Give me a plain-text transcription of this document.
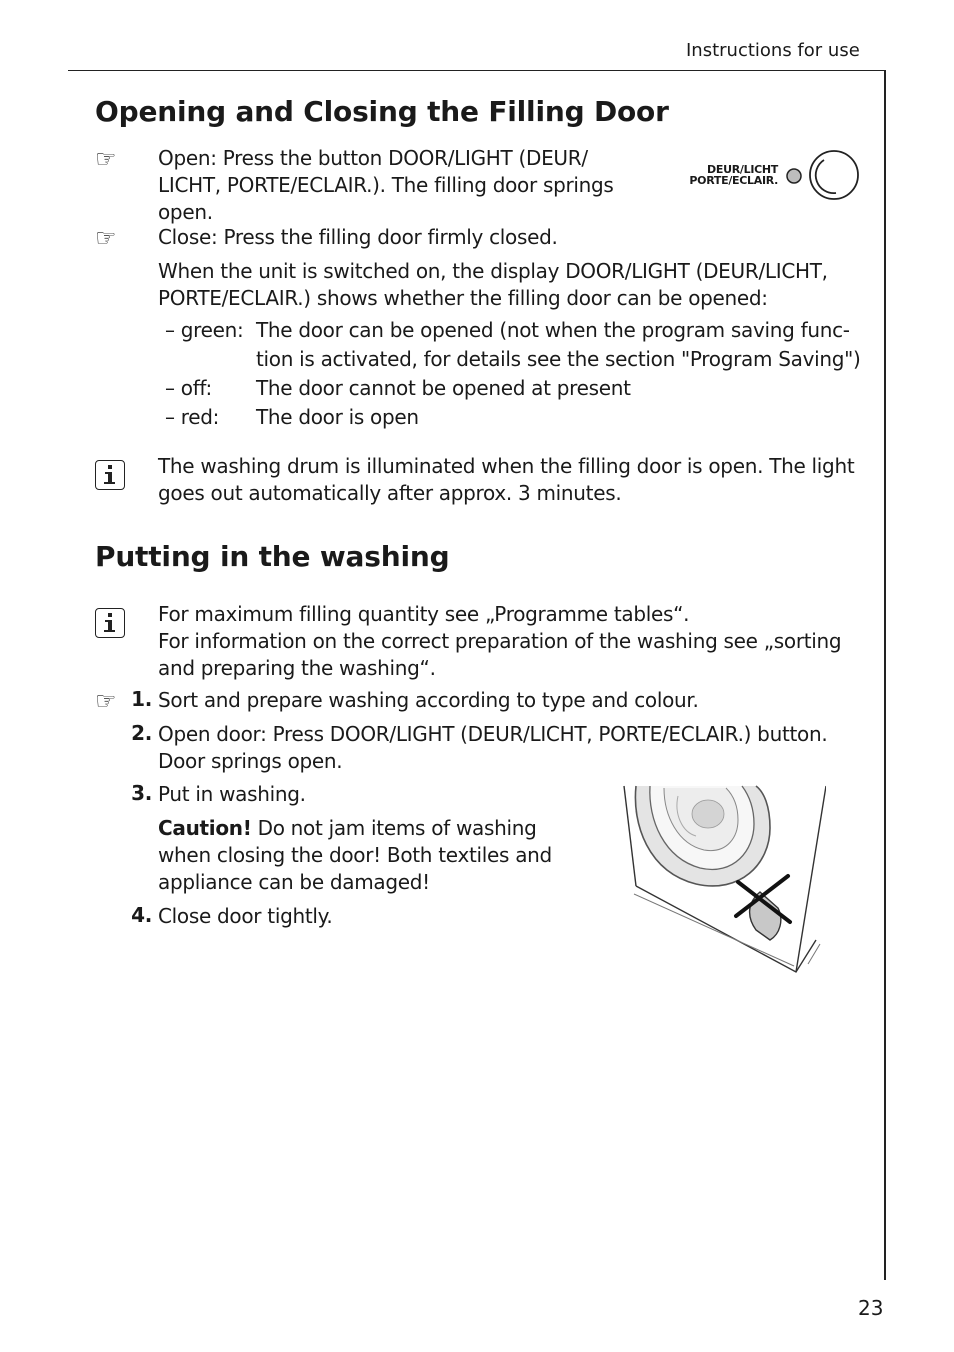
Instructions for use
Opening and Closing the Filling Door
☞ Open: Press the button DOOR/LIGHT (DEUR/ LICHT, PORTE/ECLAIR.). The filling door springs open.
DEUR/LICHT
PORTE/ECLAIR.
☞ Close: Press the filling door firmly closed.
When the unit is switched on, the display DOOR/LIGHT (DEUR/LICHT, PORTE/ECLAIR.) shows whether the filling door can be opened:
– green: The door can be opened (not when the program saving func-
tion is activated, for details see the section "Program Saving")
– off: The door cannot be opened at present
– red: The door is open
The washing drum is illuminated when the filling door is open. The light goes out automatically after approx. 3 minutes.
Putting in the washing
For maximum filling quantity see „Programme tables“.
For information on the correct preparation of the washing see „sorting and preparing the washing“.
☞ 1. Sort and prepare washing according to type and colour.
2. Open door: Press DOOR/LIGHT (DEUR/LICHT, PORTE/ECLAIR.) button. Door springs open.
3. Put in washing.
Caution! Do not jam items of washing when closing the door! Both textiles and appliance can be damaged!
4. Close door tightly.
23
